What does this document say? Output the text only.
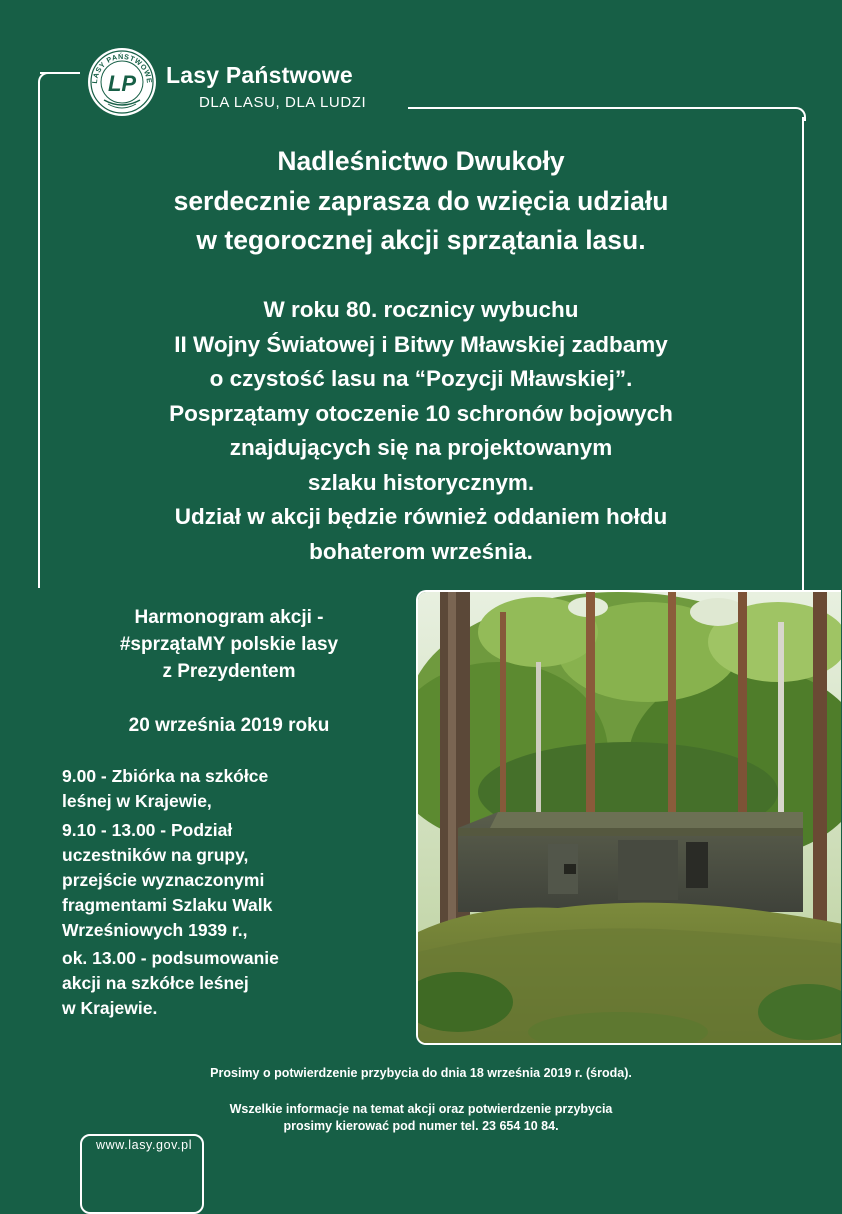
LASY PAŃSTWOWE
LP Lasy Państwowe
DLA LASU, DLA LUDZI
Nadleśnictwo Dwukoły
serdecznie zaprasza do wzięcia udziału
w tegorocznej akcji sprzątania lasu.
W roku 80. rocznicy wybuchu
II Wojny Światowej i Bitwy Mławskiej zadbamy
o czystość lasu na “Pozycji Mławskiej”.
Posprzątamy otoczenie 10 schronów bojowych
znajdujących się na projektowanym
szlaku historycznym.
Udział w akcji będzie również oddaniem hołdu
bohaterom września.
Harmonogram akcji -
#sprzątaMY polskie lasy
z Prezydentem
20 września 2019 roku
9.00 - Zbiórka na szkółce
leśnej w Krajewie,
9.10 - 13.00 - Podział
uczestników na grupy,
przejście wyznaczonymi
fragmentami Szlaku Walk
Wrześniowych 1939 r.,
ok. 13.00 - podsumowanie
akcji na szkółce leśnej
w Krajewie.
Prosimy o potwierdzenie przybycia do dnia 18 września 2019 r. (środa).
Wszelkie informacje na temat akcji oraz potwierdzenie przybycia
prosimy kierować pod numer tel. 23 654 10 84.
www.lasy.gov.pl
